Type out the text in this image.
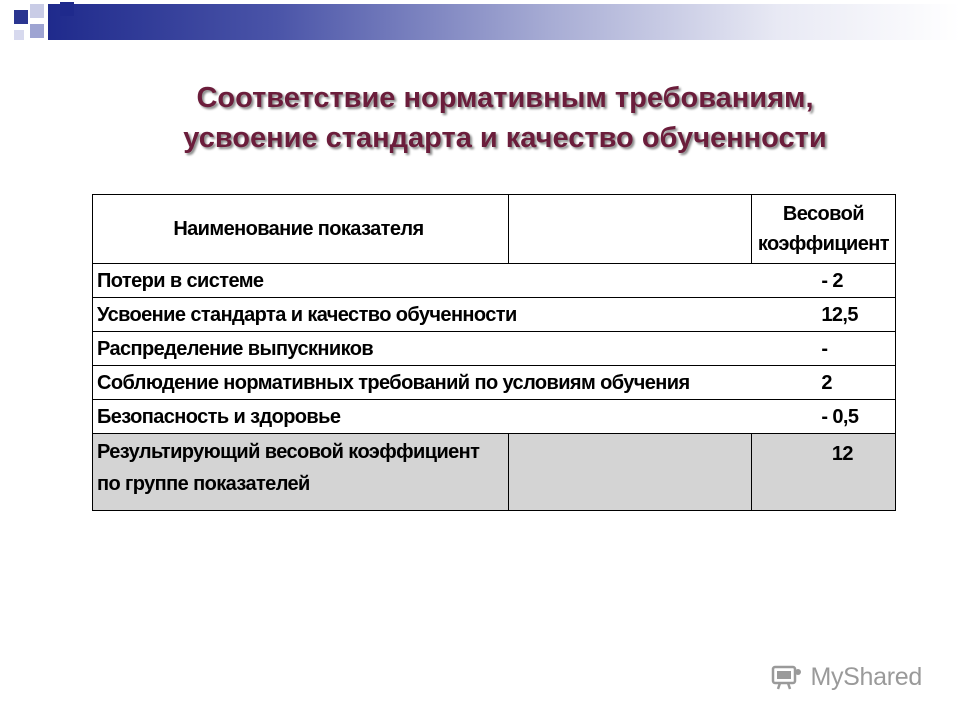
Соответствие нормативным требованиям,
усвоение стандарта и качество обученности
Наименование показателя		Весовой
коэффициент

Потери в системе		- 2
Усвоение стандарта и качество обученности		12,5
Распределение выпускников		-
Соблюдение нормативных требований по условиям обучения		2
Безопасность и здоровье		- 0,5

Результирующий весовой коэффициент
по группе показателей		12
MyShared
